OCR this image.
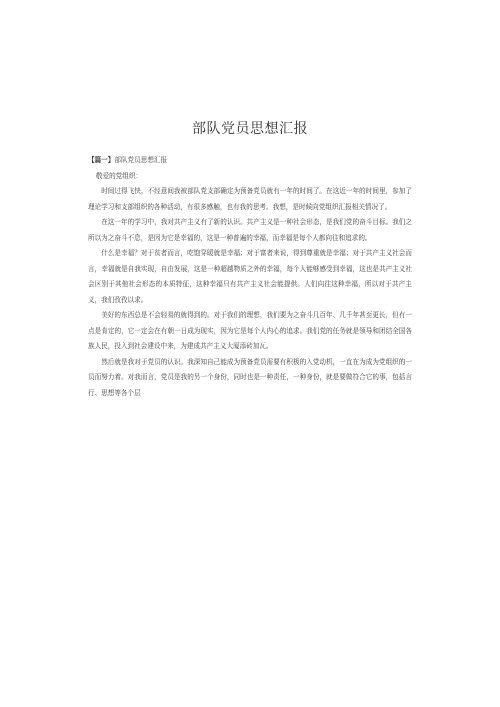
部队党员思想汇报

【篇一】部队党员思想汇报

敬爱的党组织：

时间过得飞快，不经意间我被部队党支部确定为预备党员就有一年的时间了。在这近一年的时间里，参加了理论学习和支部组织的各种活动，有很多感触，也有我的思考。我想，是时候向党组织汇报相关情况了。

在这一年的学习中，我对共产主义有了新的认识。共产主义是一种社会形态，是我们党的奋斗目标。我们之所以为之奋斗不息，是因为它是幸福的，这是一种普遍的幸福，而幸福是每个人都向往和追求的。

什么是幸福？对于贫者而言，吃饱穿暖就是幸福；对于富者来说，得到尊重就是幸福；对于共产主义社会而言，幸福就是自我实现，自由发展，这是一种超越物质之外的幸福，每个人能够感受到幸福，这也是共产主义社会区别于其他社会形态的本质特征，这种幸福只有共产主义社会能提供。人们向往这种幸福，所以对于共产主义，我们孜孜以求。

美好的东西总是不会轻易的就得到的。对于我们的理想，我们要为之奋斗几百年、几千年甚至更长，但有一点是肯定的，它一定会在有朝一日成为现实，因为它是每个人内心的追求。我们党的任务就是领导和团结全国各族人民，投入到社会建设中来，为建成共产主义大厦添砖加瓦。

然后就是我对于党员的认识。我深知自己能成为预备党员需要有积极的入党动机，一直在为成为党组织的一员而努力着。对我而言，党员是我的另一个身份，同时也是一种责任，一种身份，就是要做符合它的事，包括言行、思想等各个层
